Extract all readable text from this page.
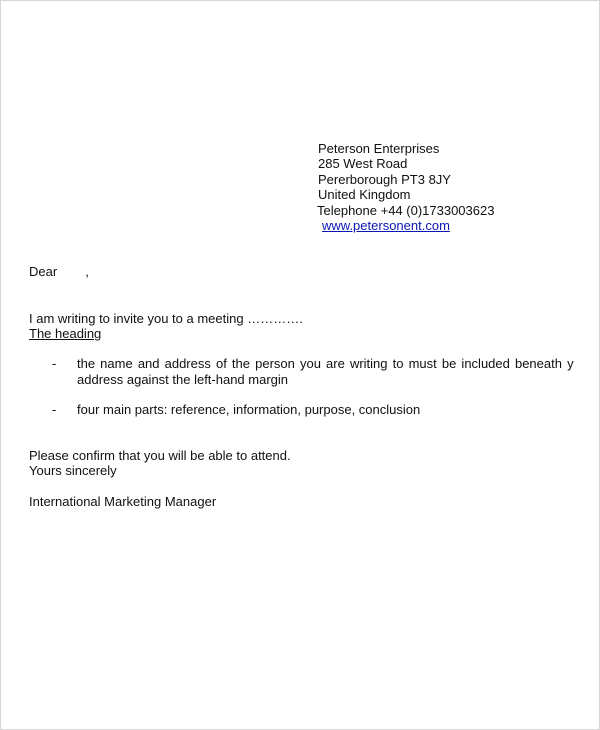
Peterson Enterprises
285 West Road
Pererborough PT3 8JY
United Kingdom
Telephone +44 (0)1733003623
www.petersonent.com
Dear ,
I am writing to invite you to a meeting ………….
The heading
- the name and address of the person you are writing to must be included beneath y
address against the left-hand margin
- four main parts: reference, information, purpose, conclusion
Please confirm that you will be able to attend.
Yours sincerely
International Marketing Manager
